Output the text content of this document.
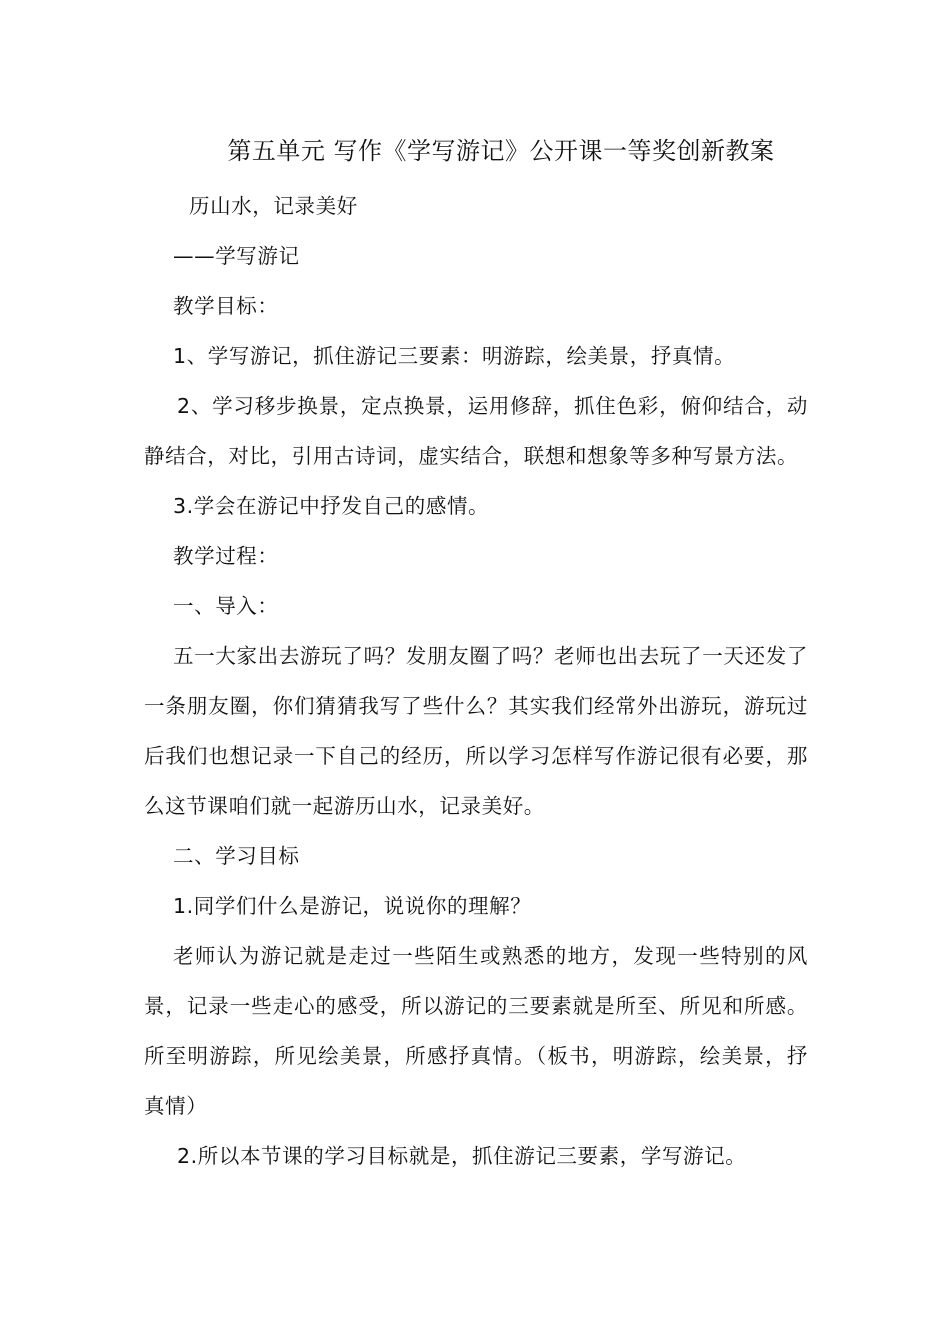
第五单元 写作《学写游记》公开课一等奖创新教案

历山水，记录美好

——学写游记

教学目标：

1、学写游记，抓住游记三要素：明游踪，绘美景，抒真情。

2、学习移步换景，定点换景，运用修辞，抓住色彩，俯仰结合，动静结合，对比，引用古诗词，虚实结合，联想和想象等多种写景方法。

3.学会在游记中抒发自己的感情。

教学过程：

一、导入：

五一大家出去游玩了吗？发朋友圈了吗？老师也出去玩了一天还发了一条朋友圈，你们猜猜我写了些什么？其实我们经常外出游玩，游玩过后我们也想记录一下自己的经历，所以学习怎样写作游记很有必要，那么这节课咱们就一起游历山水，记录美好。

二、学习目标

1.同学们什么是游记，说说你的理解？

老师认为游记就是走过一些陌生或熟悉的地方，发现一些特别的风景，记录一些走心的感受，所以游记的三要素就是所至、所见和所感。所至明游踪，所见绘美景，所感抒真情。（板书，明游踪，绘美景，抒真情）

2.所以本节课的学习目标就是，抓住游记三要素，学写游记。
